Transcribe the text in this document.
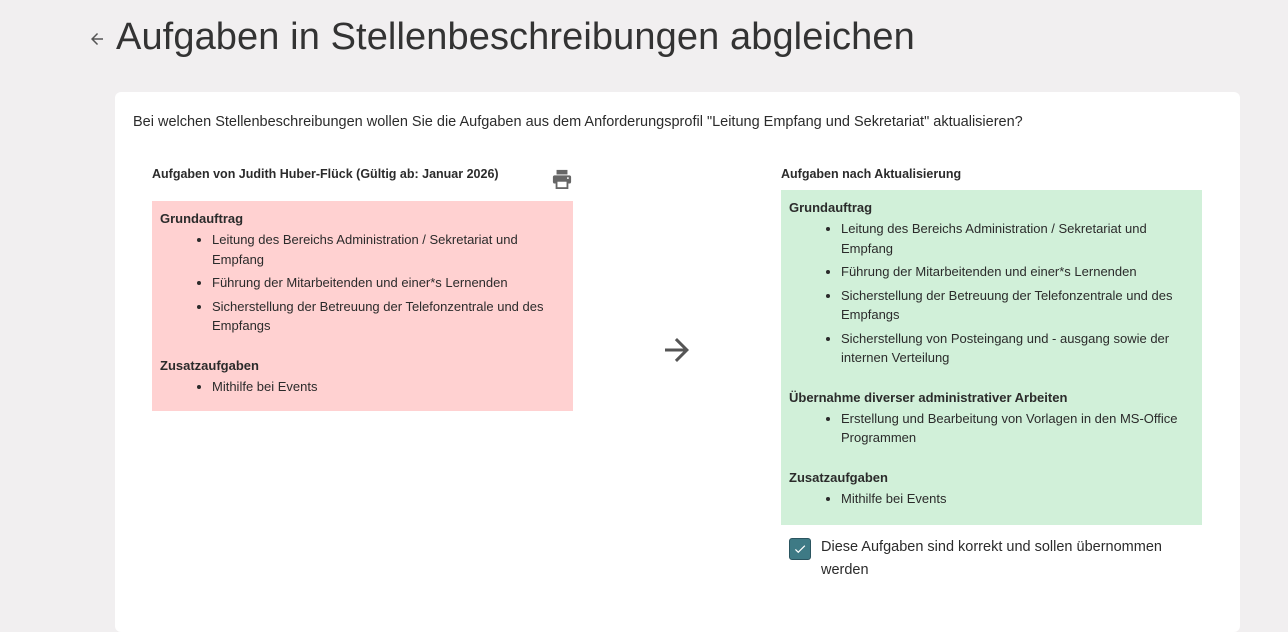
Aufgaben in Stellenbeschreibungen abgleichen
Bei welchen Stellenbeschreibungen wollen Sie die Aufgaben aus dem Anforderungsprofil "Leitung Empfang und Sekretariat" aktualisieren?
Aufgaben von Judith Huber-Flück (Gültig ab: Januar 2026)
Grundauftrag
• Leitung des Bereichs Administration / Sekretariat und Empfang
• Führung der Mitarbeitenden und einer*s Lernenden
• Sicherstellung der Betreuung der Telefonzentrale und des Empfangs
Zusatzaufgaben
• Mithilfe bei Events
Aufgaben nach Aktualisierung
Grundauftrag
• Leitung des Bereichs Administration / Sekretariat und Empfang
• Führung der Mitarbeitenden und einer*s Lernenden
• Sicherstellung der Betreuung der Telefonzentrale und des Empfangs
• Sicherstellung von Posteingang und - ausgang sowie der internen Verteilung
Übernahme diverser administrativer Arbeiten
• Erstellung und Bearbeitung von Vorlagen in den MS-Office Programmen
Zusatzaufgaben
• Mithilfe bei Events
Diese Aufgaben sind korrekt und sollen übernommen werden
